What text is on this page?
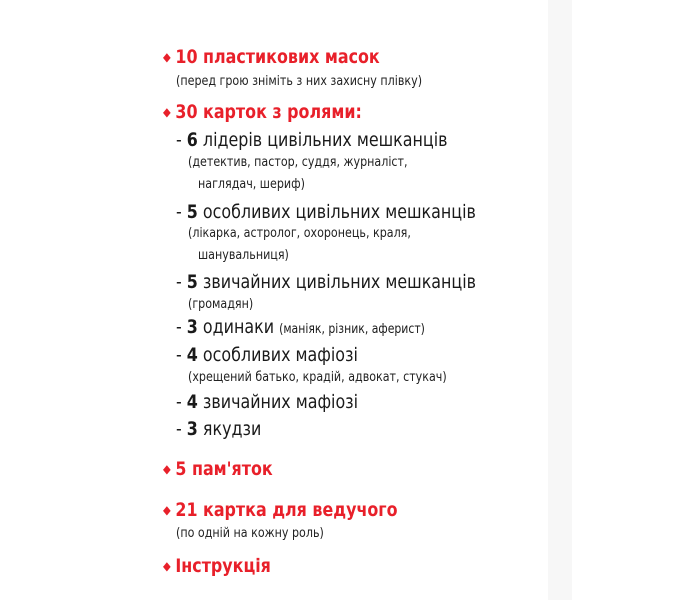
◆ 10 пластикових масок
(перед грою зніміть з них захисну плівку)
◆ 30 карток з ролями:
- 6 лідерів цивільних мешканців
(детектив, пастор, суддя, журналіст,
наглядач, шериф)
- 5 особливих цивільних мешканців
(лікарка, астролог, охоронець, краля,
шанувальниця)
- 5 звичайних цивільних мешканців
(громадян)
- 3 одинаки (маніяк, різник, аферист)
- 4 особливих мафіозі
(хрещений батько, крадій, адвокат, стукач)
- 4 звичайних мафіозі
- 3 якудзи
◆ 5 пам'яток
◆ 21 картка для ведучого
(по одній на кожну роль)
◆ Інструкція
